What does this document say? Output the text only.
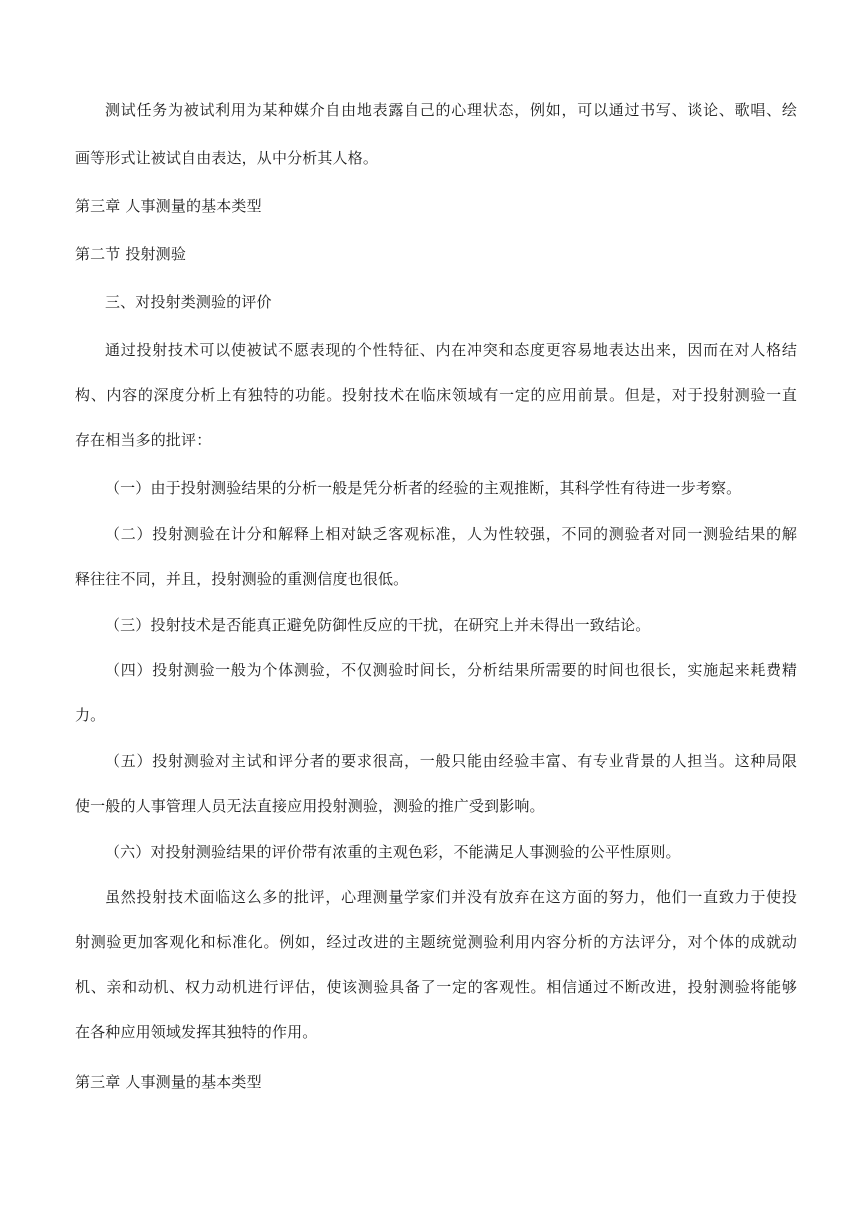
测试任务为被试利用为某种媒介自由地表露自己的心理状态，例如，可以通过书写、谈论、歌唱、绘
画等形式让被试自由表达，从中分析其人格。
第三章 人事测量的基本类型
第二节 投射测验
三、对投射类测验的评价
通过投射技术可以使被试不愿表现的个性特征、内在冲突和态度更容易地表达出来，因而在对人格结
构、内容的深度分析上有独特的功能。投射技术在临床领域有一定的应用前景。但是，对于投射测验一直
存在相当多的批评：
（一）由于投射测验结果的分析一般是凭分析者的经验的主观推断，其科学性有待进一步考察。
（二）投射测验在计分和解释上相对缺乏客观标准，人为性较强，不同的测验者对同一测验结果的解
释往往不同，并且，投射测验的重测信度也很低。
（三）投射技术是否能真正避免防御性反应的干扰，在研究上并未得出一致结论。
（四）投射测验一般为个体测验，不仅测验时间长，分析结果所需要的时间也很长，实施起来耗费精
力。
（五）投射测验对主试和评分者的要求很高，一般只能由经验丰富、有专业背景的人担当。这种局限
使一般的人事管理人员无法直接应用投射测验，测验的推广受到影响。
（六）对投射测验结果的评价带有浓重的主观色彩，不能满足人事测验的公平性原则。
虽然投射技术面临这么多的批评，心理测量学家们并没有放弃在这方面的努力，他们一直致力于使投
射测验更加客观化和标准化。例如，经过改进的主题统觉测验利用内容分析的方法评分，对个体的成就动
机、亲和动机、权力动机进行评估，使该测验具备了一定的客观性。相信通过不断改进，投射测验将能够
在各种应用领域发挥其独特的作用。
第三章 人事测量的基本类型
